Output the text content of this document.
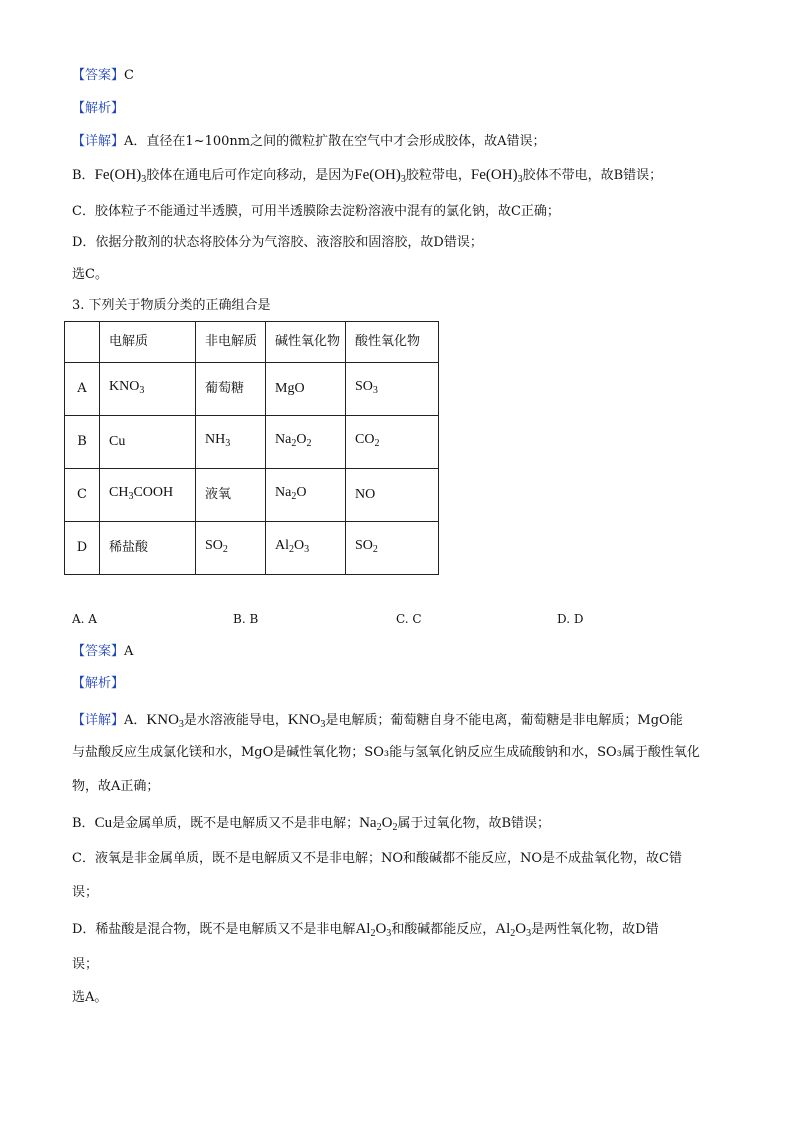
【答案】C
【解析】
【详解】A．直径在1~100nm之间的微粒扩散在空气中才会形成胶体，故A错误；
B．$Fe(OH)_3$胶体在通电后可作定向移动，是因为$Fe(OH)_3$胶粒带电，$Fe(OH)_3$胶体不带电，故B错误；
C．胶体粒子不能通过半透膜，可用半透膜除去淀粉溶液中混有的氯化钠，故C正确；
D．依据分散剂的状态将胶体分为气溶胶、液溶胶和固溶胶，故D错误；
选C。
3. 下列关于物质分类的正确组合是
	电解质	非电解质	碱性氧化物	酸性氧化物
A	$KNO_3$	葡萄糖	MgO	$SO_3$
B	Cu	$NH_3$	$Na_2O_2$	$CO_2$
C	$CH_3COOH$	液氧	$Na_2O$	NO
D	稀盐酸	$SO_2$	$Al_2O_3$	$SO_2$
A. A	B. B	C. C	D. D
【答案】A
【解析】
【详解】A．$KNO_3$是水溶液能导电，$KNO_3$是电解质；葡萄糖自身不能电离，葡萄糖是非电解质；MgO能
与盐酸反应生成氯化镁和水，MgO是碱性氧化物；SO₃能与氢氧化钠反应生成硫酸钠和水，SO₃属于酸性氧化
物，故A正确；
B．Cu是金属单质，既不是电解质又不是非电解；$Na_2O_2$属于过氧化物，故B错误；
C．液氧是非金属单质，既不是电解质又不是非电解；NO和酸碱都不能反应，NO是不成盐氧化物，故C错
误；
D．稀盐酸是混合物，既不是电解质又不是非电解$Al_2O_3$和酸碱都能反应，$Al_2O_3$是两性氧化物，故D错
误；
选A。
